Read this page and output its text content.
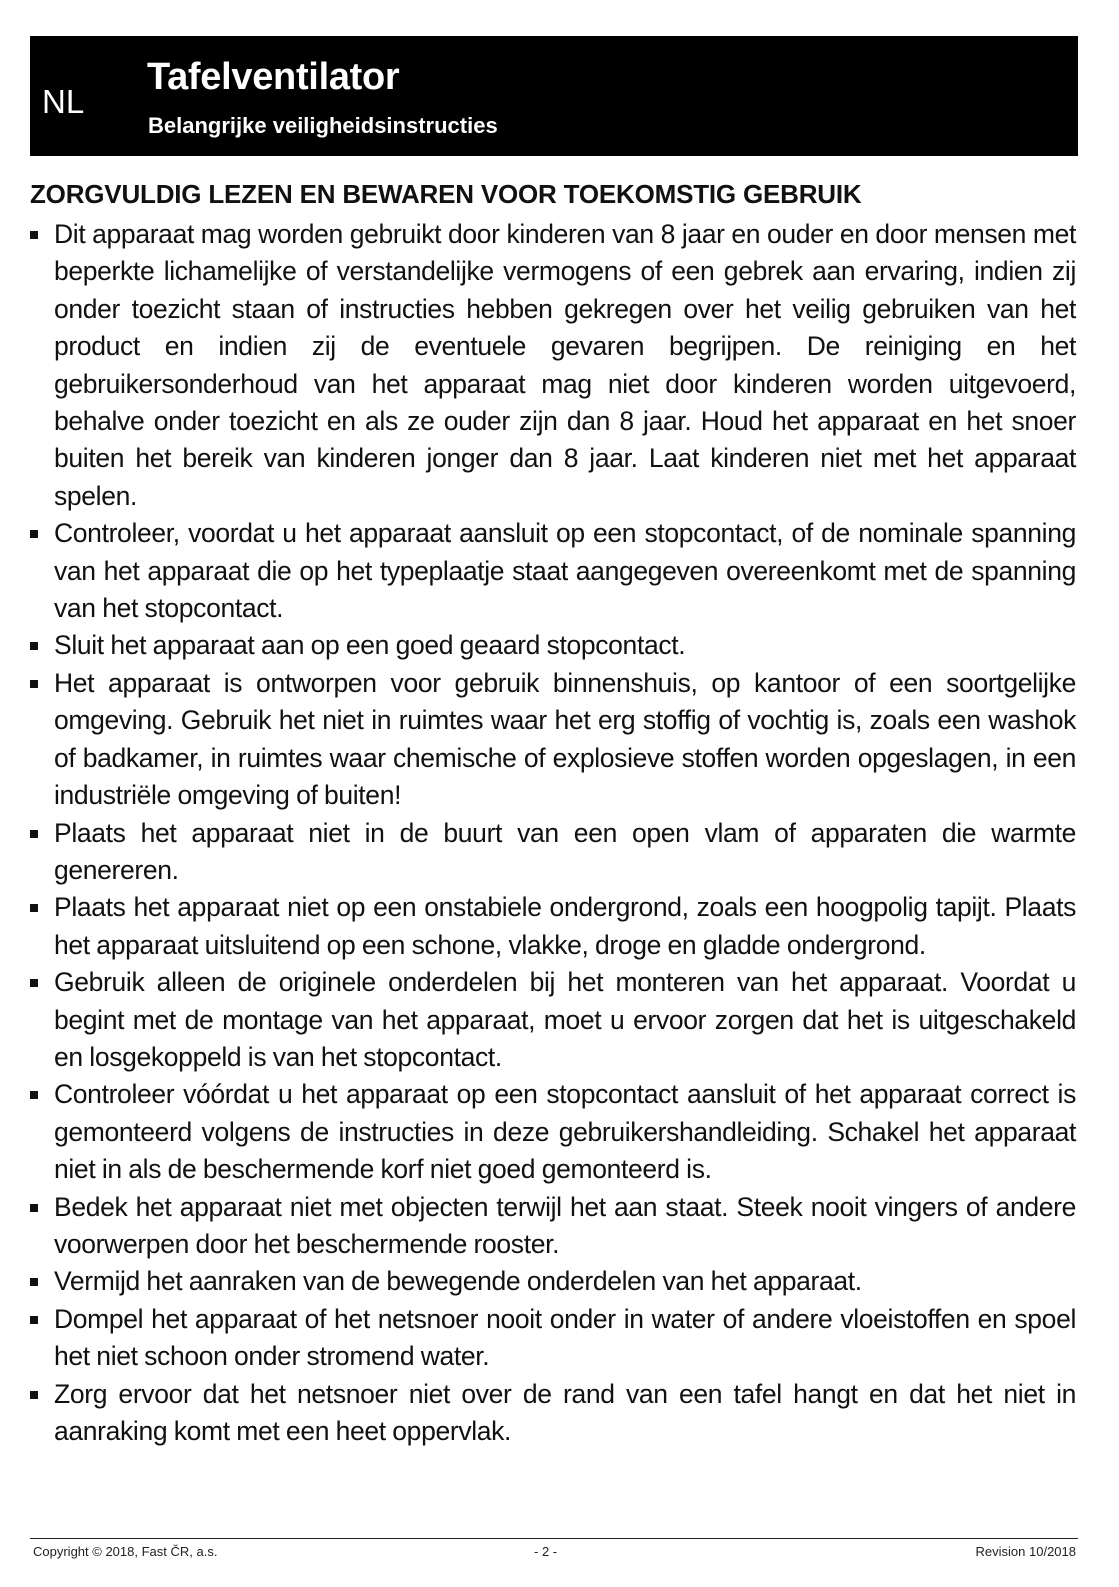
NL
Tafelventilator
Belangrijke veiligheidsinstructies
ZORGVULDIG LEZEN EN BEWAREN VOOR TOEKOMSTIG GEBRUIK
Dit apparaat mag worden gebruikt door kinderen van 8 jaar en ouder en door mensen met beperkte lichamelijke of verstandelijke vermogens of een gebrek aan ervaring, indien zij onder toezicht staan of instructies hebben gekregen over het veilig gebruiken van het product en indien zij de eventuele gevaren begrijpen. De reiniging en het gebruikersonderhoud van het apparaat mag niet door kinderen worden uitgevoerd, behalve onder toezicht en als ze ouder zijn dan 8 jaar. Houd het apparaat en het snoer buiten het bereik van kinderen jonger dan 8 jaar. Laat kinderen niet met het apparaat spelen.
Controleer, voordat u het apparaat aansluit op een stopcontact, of de nominale spanning van het apparaat die op het typeplaatje staat aangegeven overeenkomt met de spanning van het stopcontact.
Sluit het apparaat aan op een goed geaard stopcontact.
Het apparaat is ontworpen voor gebruik binnenshuis, op kantoor of een soortgelijke omgeving. Gebruik het niet in ruimtes waar het erg stoffig of vochtig is, zoals een washok of badkamer, in ruimtes waar chemische of explosieve stoffen worden opgeslagen, in een industriële omgeving of buiten!
Plaats het apparaat niet in de buurt van een open vlam of apparaten die warmte genereren.
Plaats het apparaat niet op een onstabiele ondergrond, zoals een hoogpolig tapijt. Plaats het apparaat uitsluitend op een schone, vlakke, droge en gladde ondergrond.
Gebruik alleen de originele onderdelen bij het monteren van het apparaat. Voordat u begint met de montage van het apparaat, moet u ervoor zorgen dat het is uitgeschakeld en losgekoppeld is van het stopcontact.
Controleer vóórdat u het apparaat op een stopcontact aansluit of het apparaat correct is gemonteerd volgens de instructies in deze gebruikershandleiding. Schakel het apparaat niet in als de beschermende korf niet goed gemonteerd is.
Bedek het apparaat niet met objecten terwijl het aan staat. Steek nooit vingers of andere voorwerpen door het beschermende rooster.
Vermijd het aanraken van de bewegende onderdelen van het apparaat.
Dompel het apparaat of het netsnoer nooit onder in water of andere vloeistoffen en spoel het niet schoon onder stromend water.
Zorg ervoor dat het netsnoer niet over de rand van een tafel hangt en dat het niet in aanraking komt met een heet oppervlak.
Copyright © 2018, Fast ČR, a.s.	- 2 -	Revision 10/2018
